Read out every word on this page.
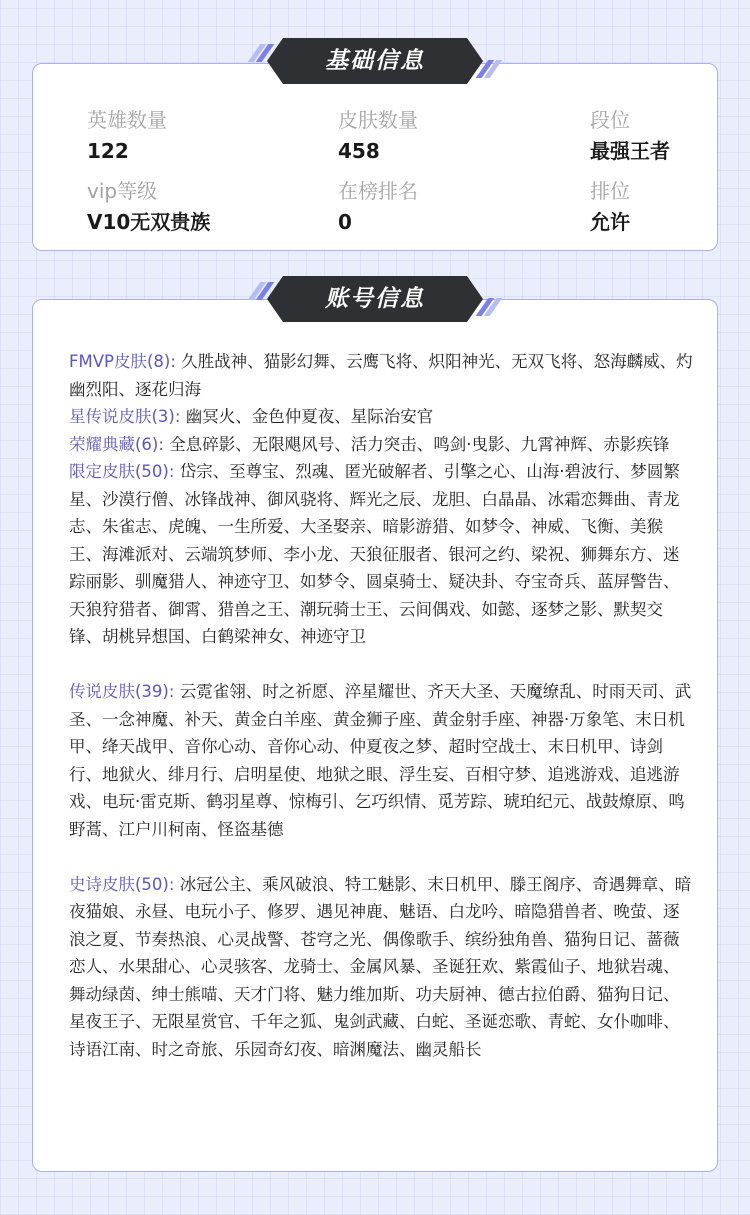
英雄数量
122
皮肤数量
458
段位
最强王者
vip等级
V10无双贵族
在榜排名
0
排位
允许
基础信息

FMVP皮肤(8): 久胜战神、猫影幻舞、云鹰飞将、炽阳神光、无双飞将、怒海麟威、灼幽烈阳、逐花归海

星传说皮肤(3): 幽冥火、金色仲夏夜、星际治安官

荣耀典藏(6): 全息碎影、无限飓风号、活力突击、鸣剑·曳影、九霄神辉、赤影疾锋

限定皮肤(50): 岱宗、至尊宝、烈魂、匿光破解者、引擎之心、山海·碧波行、梦圆繁星、沙漠行僧、冰锋战神、御风骁将、辉光之辰、龙胆、白晶晶、冰霜恋舞曲、青龙志、朱雀志、虎魄、一生所爱、大圣娶亲、暗影游猎、如梦令、神威、飞衡、美猴王、海滩派对、云端筑梦师、李小龙、天狼征服者、银河之约、梁祝、狮舞东方、迷踪丽影、驯魔猎人、神迹守卫、如梦令、圆桌骑士、疑决卦、夺宝奇兵、蓝屏警告、天狼狩猎者、御霄、猎兽之王、潮玩骑士王、云间偶戏、如懿、逐梦之影、默契交锋、胡桃异想国、白鹤梁神女、神迹守卫

传说皮肤(39): 云霓雀翎、时之祈愿、淬星耀世、齐天大圣、天魔缭乱、时雨天司、武圣、一念神魔、补天、黄金白羊座、黄金狮子座、黄金射手座、神器·万象笔、末日机甲、绛天战甲、音你心动、音你心动、仲夏夜之梦、超时空战士、末日机甲、诗剑行、地狱火、绯月行、启明星使、地狱之眼、浮生妄、百相守梦、追逃游戏、追逃游戏、电玩·雷克斯、鹤羽星尊、惊梅引、乞巧织情、觅芳踪、琥珀纪元、战鼓燎原、鸣野蒿、江户川柯南、怪盗基德

史诗皮肤(50): 冰冠公主、乘风破浪、特工魅影、末日机甲、滕王阁序、奇遇舞章、暗夜猫娘、永昼、电玩小子、修罗、遇见神鹿、魅语、白龙吟、暗隐猎兽者、晚萤、逐浪之夏、节奏热浪、心灵战警、苍穹之光、偶像歌手、缤纷独角兽、猫狗日记、蔷薇恋人、水果甜心、心灵骇客、龙骑士、金属风暴、圣诞狂欢、紫霞仙子、地狱岩魂、舞动绿茵、绅士熊喵、天才门将、魅力维加斯、功夫厨神、德古拉伯爵、猫狗日记、星夜王子、无限星赏官、千年之狐、鬼剑武藏、白蛇、圣诞恋歌、青蛇、女仆咖啡、诗语江南、时之奇旅、乐园奇幻夜、暗渊魔法、幽灵船长

账号信息
